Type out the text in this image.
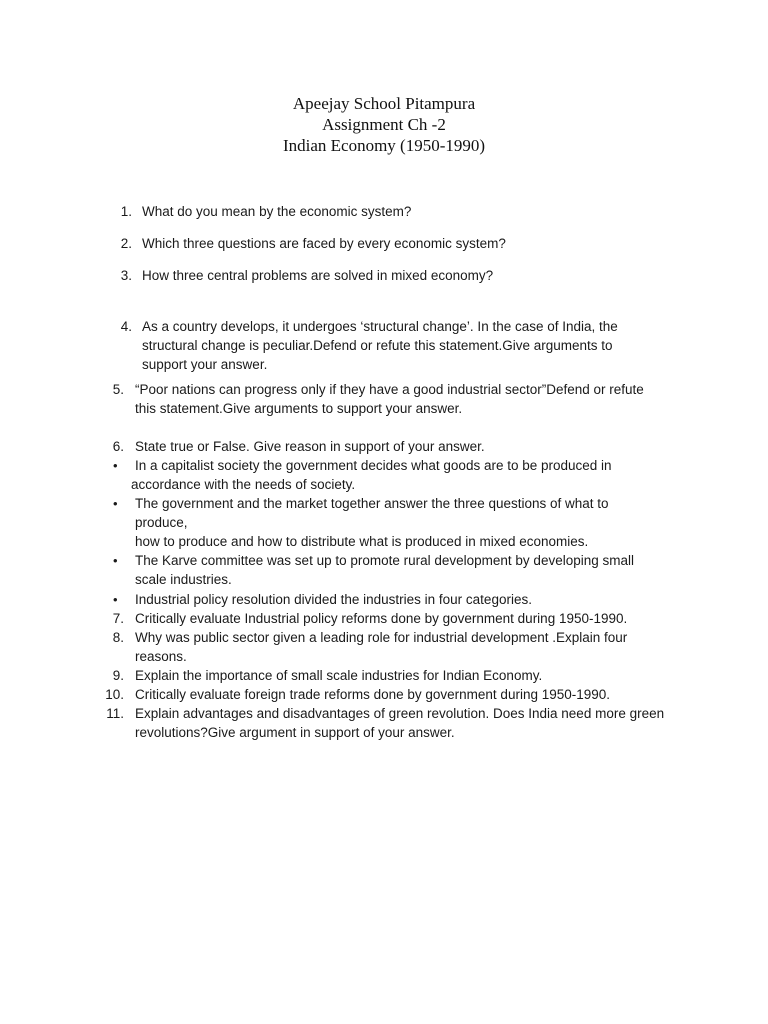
Apeejay School Pitampura
Assignment Ch -2
Indian Economy (1950-1990)
1. What do you mean by the economic system?
2. Which three questions are faced by every economic system?
3. How three central problems are solved in mixed economy?
4. As a country develops, it undergoes ‘structural change’. In the case of India, the
structural change is peculiar.Defend or refute this statement.Give arguments to
support your answer.
5. “Poor nations can progress only if they have a good industrial sector”Defend or refute
this statement.Give arguments to support your answer.
6. State true or False. Give reason in support of your answer.
• In a capitalist society the government decides what goods are to be produced in
accordance with the needs of society.
• The government and the market together answer the three questions of what to
produce,
how to produce and how to distribute what is produced in mixed economies.
• The Karve committee was set up to promote rural development by developing small
scale industries.
• Industrial policy resolution divided the industries in four categories.
7. Critically evaluate Industrial policy reforms done by government during 1950-1990.
8. Why was public sector given a leading role for industrial development .Explain four
reasons.
9. Explain the importance of small scale industries for Indian Economy.
10. Critically evaluate foreign trade reforms done by government during 1950-1990.
11. Explain advantages and disadvantages of green revolution. Does India need more green
revolutions?Give argument in support of your answer.
